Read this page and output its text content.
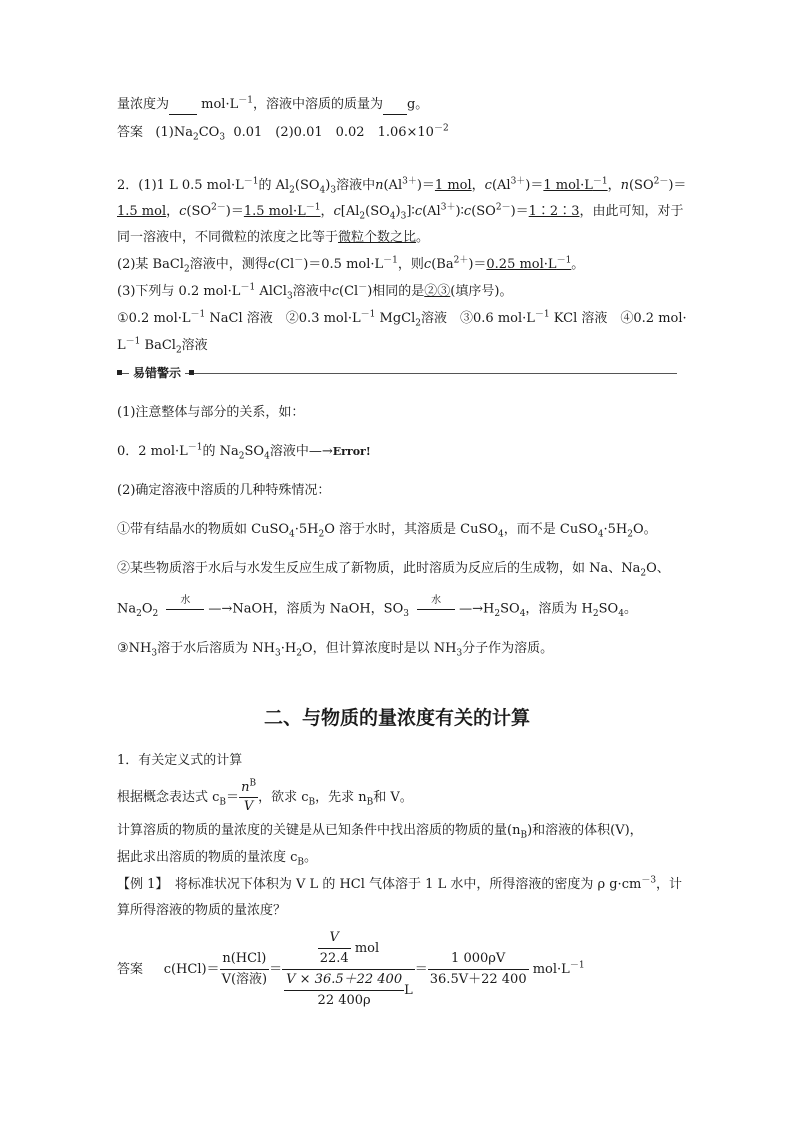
量浓度为 $mol\cdot L^{-1}$，溶液中溶质的质量为 g。
答案 $(1)Na_2CO_3$ 0.01　(2)0.01　0.02　$1.06\times 10^{-2}$
2．(1)1 L 0.5 $mol\cdot L^{-1}$的 $Al_2(SO_4)_3$溶液中$n(Al^{3+})=1$ mol，$c(Al^{3+})=1$ $mol\cdot L^{-1}$，$n(SO^{2-})=$
1.5 mol，$c(SO^{2-})=1.5$ $mol\cdot L^{-1}$，$c[Al_2(SO_4)_3]∶c(Al^{3+})∶c(SO^{2-})=1∶2∶3$，由此可知，对于
同一溶液中，不同微粒的浓度之比等于微粒个数之比。
(2)某 BaCl$_2$溶液中，测得c(Cl－)＝0.5 $mol\cdot L^{-1}$，则$c(Ba^{2+})=0.25$ $mol\cdot L^{-1}$。
(3)下列与 0.2 $mol\cdot L^{-1}$ AlCl$_3$溶液中c(Cl－)相同的是②③(填序号)。
①0.2 $mol\cdot L^{-1}$ NaCl 溶液　②0.3 $mol\cdot L^{-1}$ MgCl$_2$溶液　③0.6 $mol\cdot L^{-1}$ KCl 溶液　④0.2 mol·
$L^{-1}$ BaCl$_2$溶液
易错警示
(1)注意整体与部分的关系，如：
0．2 $mol\cdot L^{-1}$的 $Na_2SO_4$溶液中—→Error!
(2)确定溶液中溶质的几种特殊情况：
①带有结晶水的物质如 $CuSO_4\cdot 5H_2O$ 溶于水时，其溶质是 CuSO$_4$，而不是 $CuSO_4\cdot 5H_2O$。
②某些物质溶于水后与水发生反应生成了新物质，此时溶质为反应后的生成物，如 Na、$Na_2O$、
$Na_2O_2$
水
—→NaOH，溶质为 NaOH，$SO_3$
水
$—\to H_2SO_4$，溶质为 $H_2SO_4$。
$③NH_3$溶于水后溶质为 $NH_3\cdot H_2O$，但计算浓度时是以 $NH_3$分子作为溶质。
二、与物质的量浓度有关的计算
1．有关定义式的计算
根据概念表达式 $c_B= \frac{n^B}{V}$ ，欲求 $c_B$，先求 $n_B$和 V。
计算溶质的物质的量浓度的关键是从已知条件中找出溶质的物质的量$(n_B)$和溶液的体积(V)，
据此求出溶质的物质的量浓度 $c_B$。
【例 1】　将标准状况下体积为 V L 的 HCl 气体溶于 1 L 水中，所得溶液的密度为 ρ $g\cdot cm^{-3}$，计
算所得溶液的物质的量浓度？
答案 $c(HCl)= \frac{\text{n(HCl)}}{\text{V(溶液)}} = \frac{\frac{V}{22.4} mol}{\frac{V \times 36.5+22 400}{22 400\rho} L} = \frac{1 000\rho V}{36.5V+22 400} mol\cdot L^{-1}$
